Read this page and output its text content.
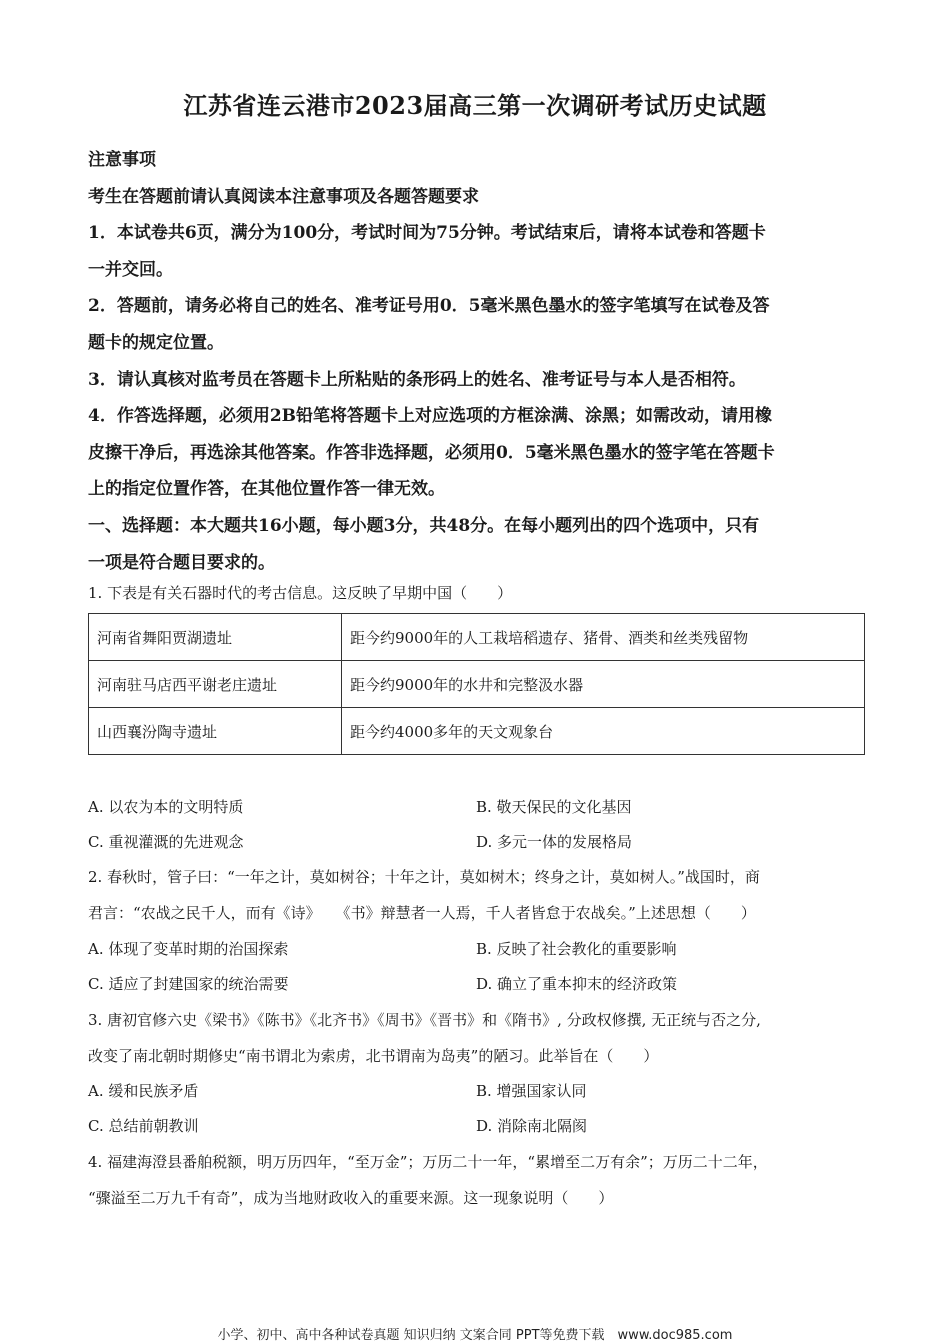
江苏省连云港市2023届高三第一次调研考试历史试题

注意事项

考生在答题前请认真阅读本注意事项及各题答题要求

1．本试卷共6页，满分为100分，考试时间为75分钟。考试结束后，请将本试卷和答题卡

一并交回。

2．答题前，请务必将自己的姓名、准考证号用0．5毫米黑色墨水的签字笔填写在试卷及答

题卡的规定位置。

3．请认真核对监考员在答题卡上所粘贴的条形码上的姓名、准考证号与本人是否相符。

4．作答选择题，必须用2B铅笔将答题卡上对应选项的方框涂满、涂黑；如需改动，请用橡

皮擦干净后，再选涂其他答案。作答非选择题，必须用0．5毫米黑色墨水的签字笔在答题卡

上的指定位置作答，在其他位置作答一律无效。

一、选择题：本大题共16小题，每小题3分，共48分。在每小题列出的四个选项中，只有

一项是符合题目要求的。

1. 下表是有关石器时代的考古信息。这反映了早期中国（　　）
河南省舞阳贾湖遗址	距今约9000年的人工栽培稻遗存、猪骨、酒类和丝类残留物
河南驻马店西平谢老庄遗址	距今约9000年的水井和完整汲水器
山西襄汾陶寺遗址	距今约4000多年的天文观象台
A. 以农为本的文明特质	B. 敬天保民的文化基因
C. 重视灌溉的先进观念	D. 多元一体的发展格局

2. 春秋时，管子曰：“一年之计，莫如树谷；十年之计，莫如树木；终身之计，莫如树人。”战国时，商

君言：“农战之民千人，而有《诗》　　《书》辩慧者一人焉，千人者皆怠于农战矣。”上述思想（　　）

A. 体现了变革时期的治国探索	B. 反映了社会教化的重要影响
C. 适应了封建国家的统治需要	D. 确立了重本抑末的经济政策

3. 唐初官修六史《梁书》《陈书》《北齐书》《周书》《晋书》和《隋书》, 分政权修撰, 无正统与否之分,

改变了南北朝时期修史“南书谓北为索虏，北书谓南为岛夷”的陋习。此举旨在（　　）

A. 缓和民族矛盾	B. 增强国家认同
C. 总结前朝教训	D. 消除南北隔阂

4. 福建海澄县番舶税额，明万历四年，“至万金”；万历二十一年，“累增至二万有余”；万历二十二年，

“骤溢至二万九千有奇”，成为当地财政收入的重要来源。这一现象说明（　　）

小学、初中、高中各种试卷真题 知识归纳 文案合同 PPT等免费下载　www.doc985.com
